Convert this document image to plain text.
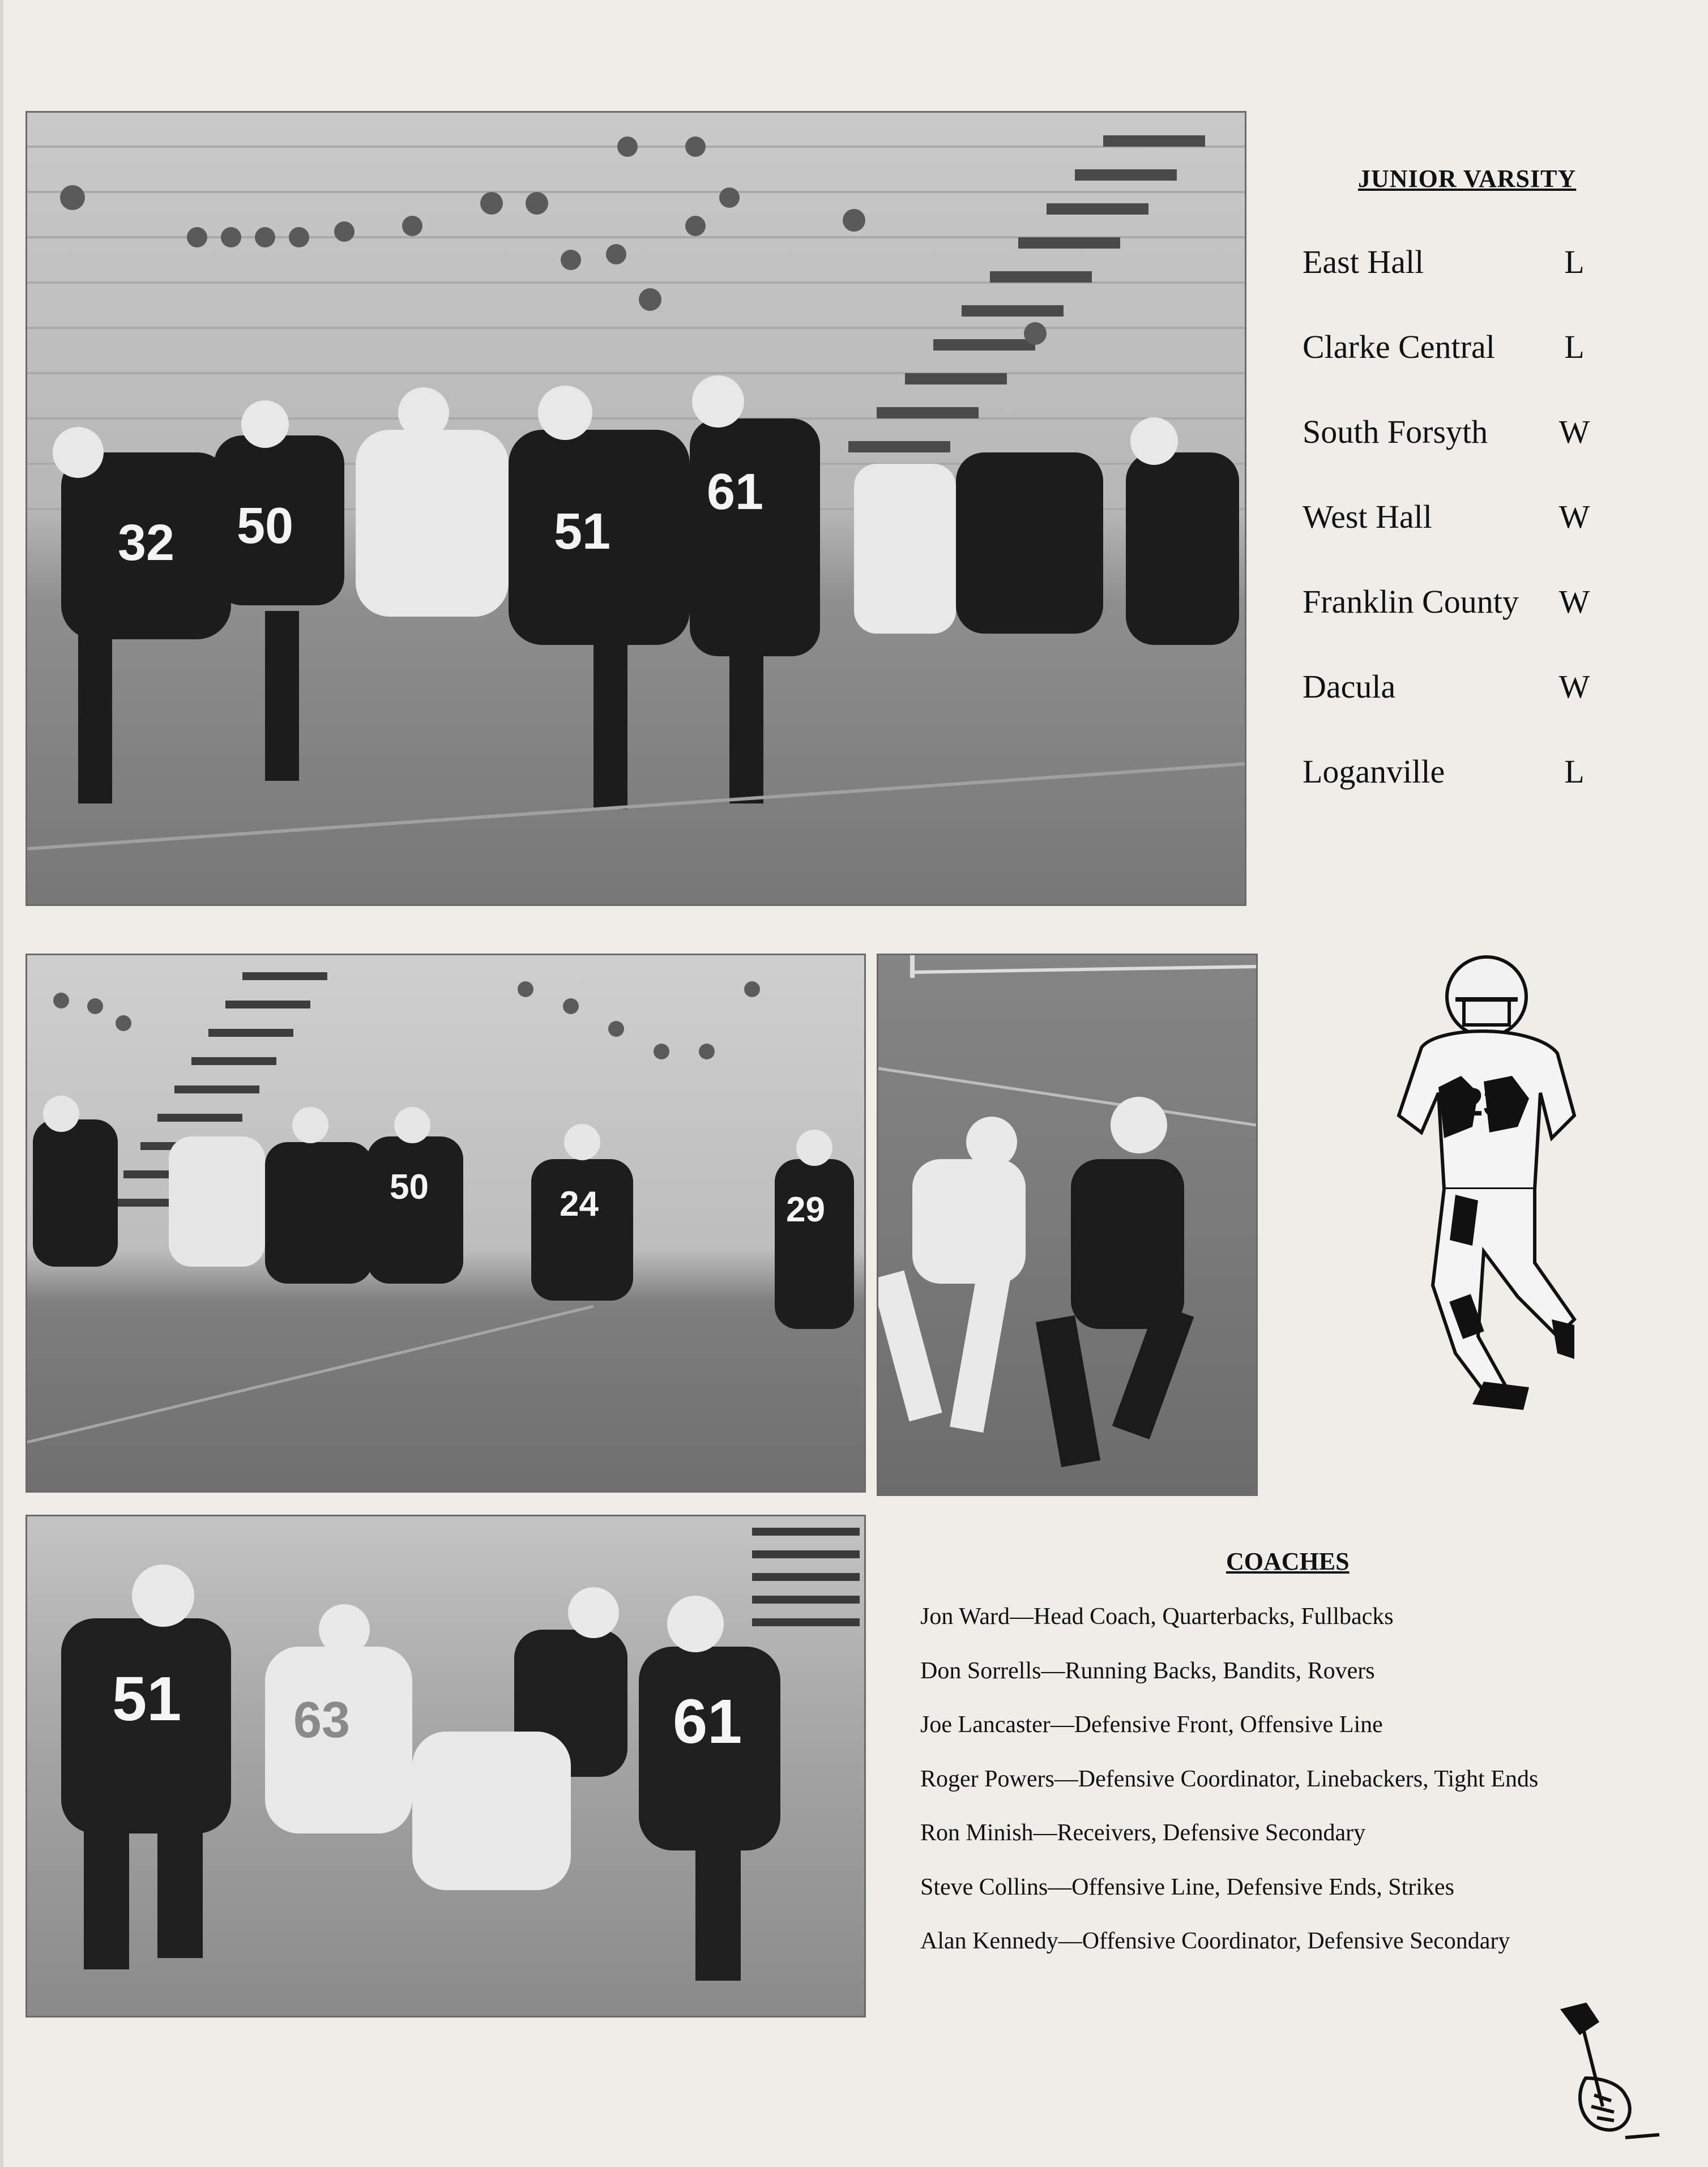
32 50	51
61
50	24	29
51	61
63
JUNIOR VARSITY
East Hall	L
Clarke Central L
South Forsyth W
West Hall	W
Franklin County W
Dacula	W
Loganville	L
23
COACHES
Jon Ward—Head Coach, Quarterbacks, Fullbacks
Don Sorrells—Running Backs, Bandits, Rovers
Joe Lancaster—Defensive Front, Offensive Line
Roger Powers—Defensive Coordinator, Linebackers, Tight Ends
Ron Minish—Receivers, Defensive Secondary
Steve Collins—Offensive Line, Defensive Ends, Strikes
Alan Kennedy—Offensive Coordinator, Defensive Secondary
